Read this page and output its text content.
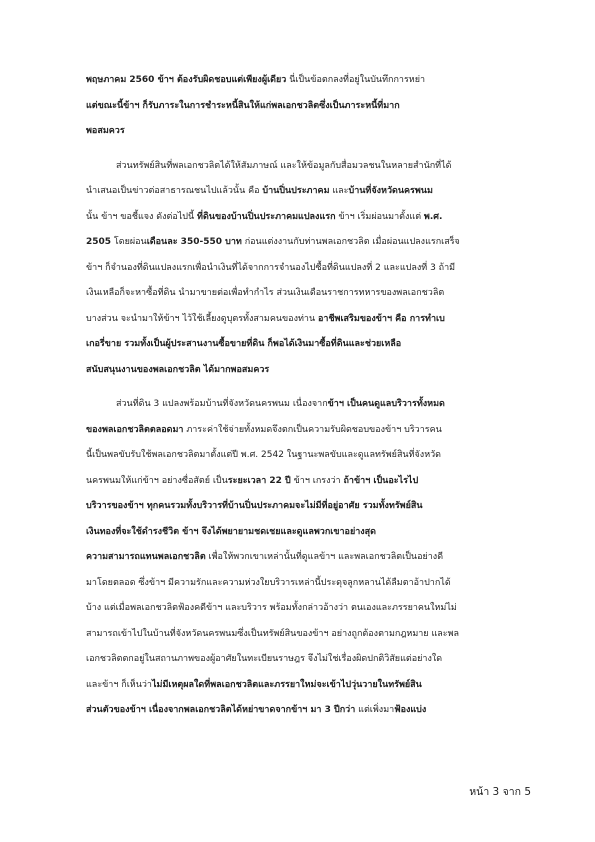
พฤษภาคม 2560 ข้าฯ ต้องรับผิดชอบแต่เพียงผู้เดียว นี่เป็นข้อตกลงที่อยู่ในบันทึกการหย่า
แต่ขณะนี้ข้าฯ ก็รับภาระในการชำระหนี้สินให้แก่พลเอกชวลิตซึ่งเป็นภาระหนี้ที่มาก
พอสมควร
ส่วนทรัพย์สินที่พลเอกชวลิตได้ให้สัมภาษณ์ และให้ข้อมูลกับสื่อมวลชนในหลายสำนักที่ได้
นำเสนอเป็นข่าวต่อสาธารณชนไปแล้วนั้น คือ บ้านปิ่นประภาคม และบ้านที่จังหวัดนครพนม
นั้น ข้าฯ ขอชี้แจง ดังต่อไปนี้ ที่ดินของบ้านปิ่นประภาคมแปลงแรก ข้าฯ เริ่มผ่อนมาตั้งแต่ พ.ศ.
2505 โดยผ่อนเดือนละ 350-550 บาท ก่อนแต่งงานกับท่านพลเอกชวลิต เมื่อผ่อนแปลงแรกเสร็จ
ข้าฯ ก็จำนองที่ดินแปลงแรกเพื่อนำเงินที่ได้จากการจำนองไปซื้อที่ดินแปลงที่ 2 และแปลงที่ 3 ถ้ามี
เงินเหลือก็จะหาซื้อที่ดิน นำมาขายต่อเพื่อทำกำไร ส่วนเงินเดือนราชการทหารของพลเอกชวลิต
บางส่วน จะนำมาให้ข้าฯ ไว้ใช้เลี้ยงดูบุตรทั้งสามคนของท่าน อาชีพเสริมของข้าฯ คือ การทำเบ
เกอรี่ขาย รวมทั้งเป็นผู้ประสานงานซื้อขายที่ดิน ก็พอได้เงินมาซื้อที่ดินและช่วยเหลือ
สนับสนุนงานของพลเอกชวลิต ได้มากพอสมควร
ส่วนที่ดิน 3 แปลงพร้อมบ้านที่จังหวัดนครพนม เนื่องจากข้าฯ เป็นคนดูแลบริวารทั้งหมด
ของพลเอกชวลิตตลอดมา ภาระค่าใช้จ่ายทั้งหมดจึงตกเป็นความรับผิดชอบของข้าฯ บริวารคน
นี้เป็นพลขับรับใช้พลเอกชวลิตมาตั้งแต่ปี พ.ศ. 2542 ในฐานะพลขับและดูแลทรัพย์สินที่จังหวัด
นครพนมให้แก่ข้าฯ อย่างซื่อสัตย์ เป็นระยะเวลา 22 ปี ข้าฯ เกรงว่า ถ้าข้าฯ เป็นอะไรไป
บริวารของข้าฯ ทุกคนรวมทั้งบริวารที่บ้านปิ่นประภาคมจะไม่มีที่อยู่อาศัย รวมทั้งทรัพย์สิน
เงินทองที่จะใช้ดำรงชีวิต ข้าฯ จึงได้พยายามชดเชยและดูแลพวกเขาอย่างสุด
ความสามารถแทนพลเอกชวลิต เพื่อให้พวกเขาเหล่านั้นที่ดูแลข้าฯ และพลเอกชวลิตเป็นอย่างดี
มาโดยตลอด ซึ่งข้าฯ มีความรักและความห่วงใยบริวารเหล่านี้ประดุจลูกหลานได้ลืมตาอ้าปากได้
บ้าง แต่เมื่อพลเอกชวลิตฟ้องคดีข้าฯ และบริวาร พร้อมทั้งกล่าวอ้างว่า ตนเองและภรรยาคนใหม่ไม่
สามารถเข้าไปในบ้านที่จังหวัดนครพนมซึ่งเป็นทรัพย์สินของข้าฯ อย่างถูกต้องตามกฎหมาย และพล
เอกชวลิตตกอยู่ในสถานภาพของผู้อาศัยในทะเบียนราษฎร จึงไม่ใช่เรื่องผิดปกติวิสัยแต่อย่างใด
และข้าฯ ก็เห็นว่าไม่มีเหตุผลใดที่พลเอกชวลิตและภรรยาใหม่จะเข้าไปวุ่นวายในทรัพย์สิน
ส่วนตัวของข้าฯ เนื่องจากพลเอกชวลิตได้หย่าขาดจากข้าฯ มา 3 ปีกว่า แต่เพิ่งมาฟ้องแบ่ง
หน้า 3 จาก 5
